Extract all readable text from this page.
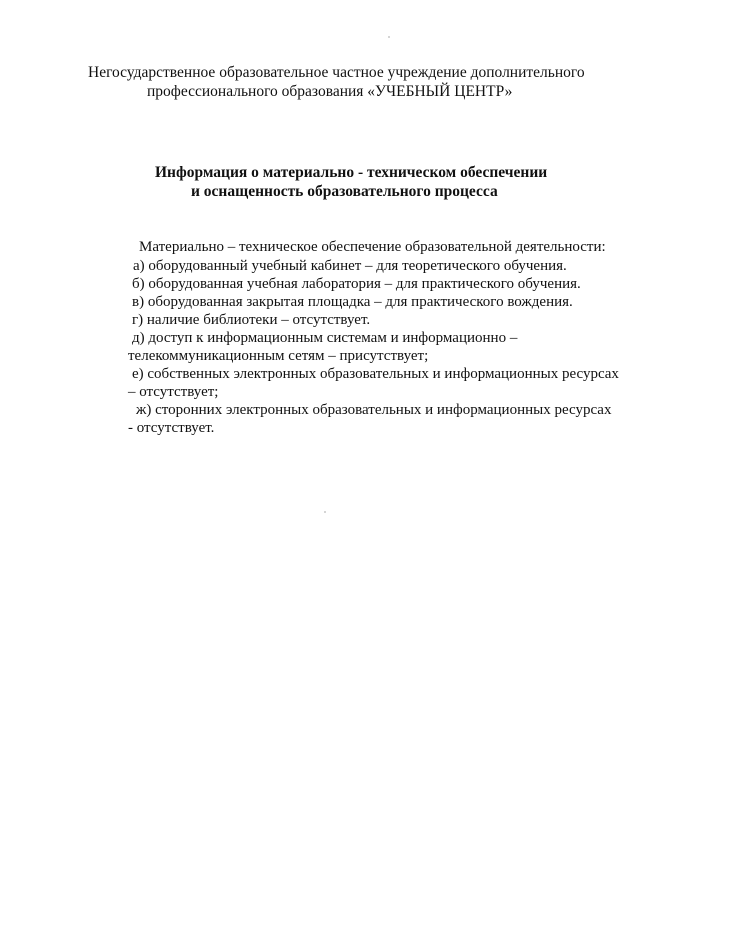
Негосударственное образовательное частное учреждение дополнительного
профессионального образования «УЧЕБНЫЙ ЦЕНТР»
Информация о материально - техническом обеспечении
и оснащенность образовательного процесса
Материально – техническое обеспечение образовательной деятельности:
а) оборудованный учебный кабинет – для теоретического обучения.
б) оборудованная учебная лаборатория – для практического обучения.
в) оборудованная закрытая площадка – для практического вождения.
г) наличие библиотеки – отсутствует.
д) доступ к информационным системам и информационно –
телекоммуникационным сетям – присутствует;
е) собственных электронных образовательных и информационных ресурсах
– отсутствует;
ж) сторонних электронных образовательных и информационных ресурсах
- отсутствует.
